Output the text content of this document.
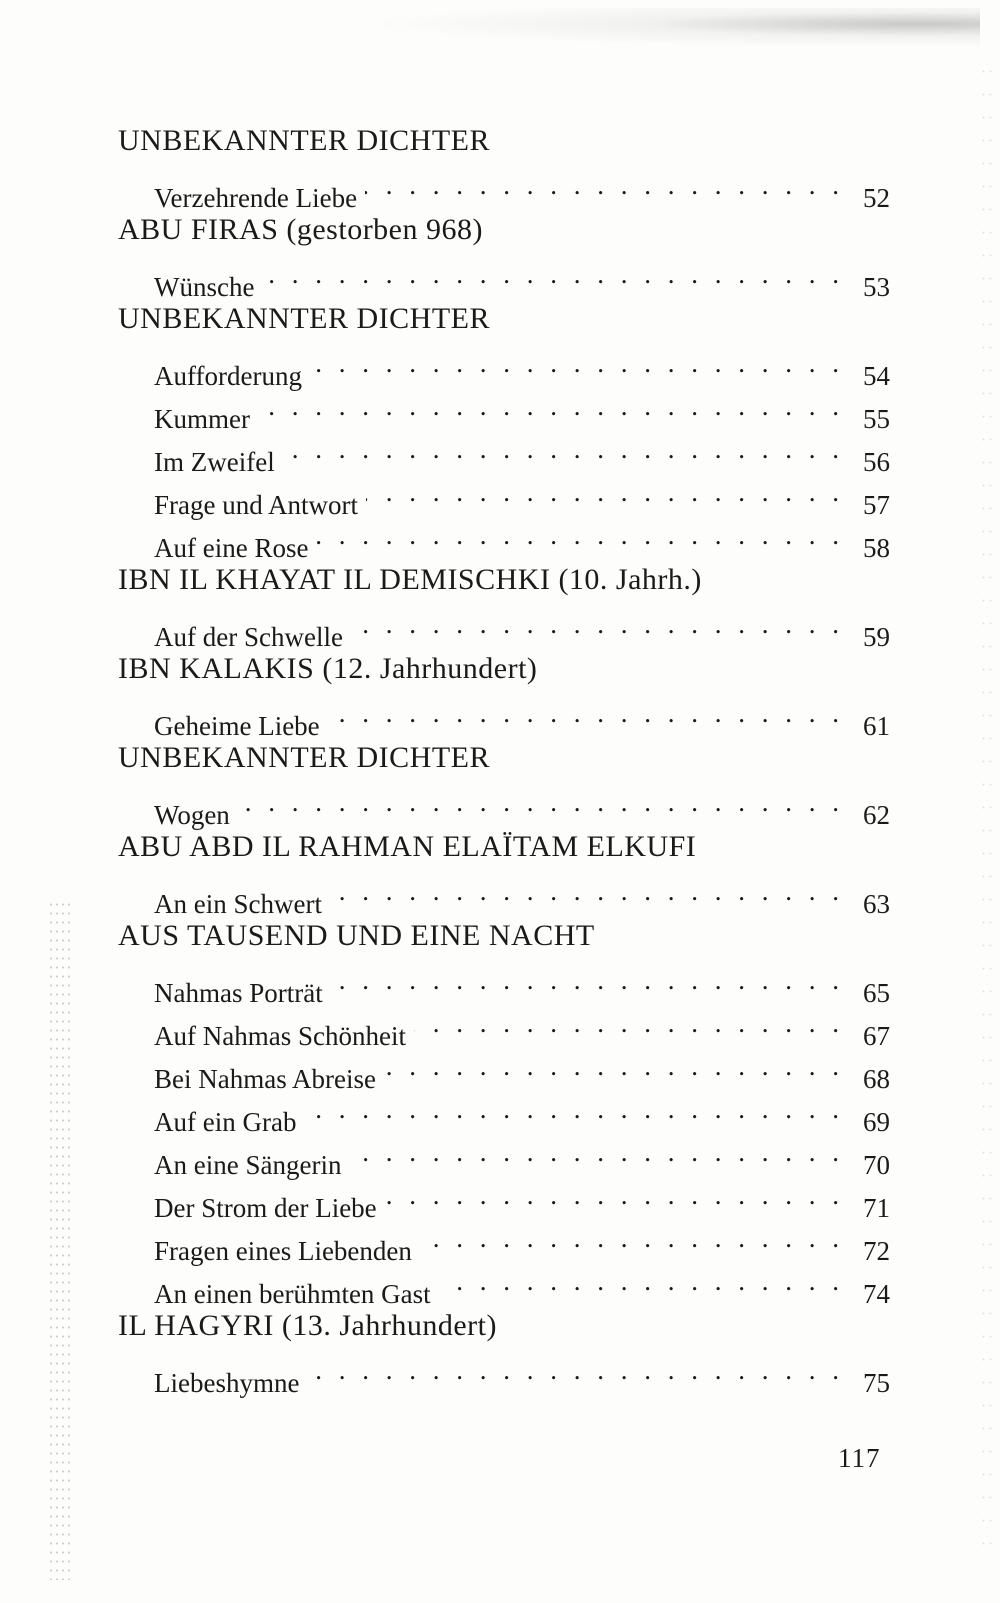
UNBEKANNTER DICHTER
Verzehrende Liebe . . .	52
ABU FIRAS (gestorben 968)
Wünsche . . .	53
UNBEKANNTER DICHTER
Aufforderung . . .	54
Kummer . . .	55
Im Zweifel . . .	56
Frage und Antwort . . .	57
Auf eine Rose . . .	58
IBN IL KHAYAT IL DEMISCHKI (10. Jahrh.)
Auf der Schwelle . . .	59
IBN KALAKIS (12. Jahrhundert)
Geheime Liebe . . .	61
UNBEKANNTER DICHTER
Wogen . . .	62
ABU ABD IL RAHMAN ELAÏTAM ELKUFI
An ein Schwert . . .	63
AUS TAUSEND UND EINE NACHT
Nahmas Porträt . . .	65
Auf Nahmas Schönheit . . .	67
Bei Nahmas Abreise . . .	68
Auf ein Grab . . .	69
An eine Sängerin . . .	70
Der Strom der Liebe . . .	71
Fragen eines Liebenden . . .	72
An einen berühmten Gast . . .	74
IL HAGYRI (13. Jahrhundert)
Liebeshymne . . .	75
117
